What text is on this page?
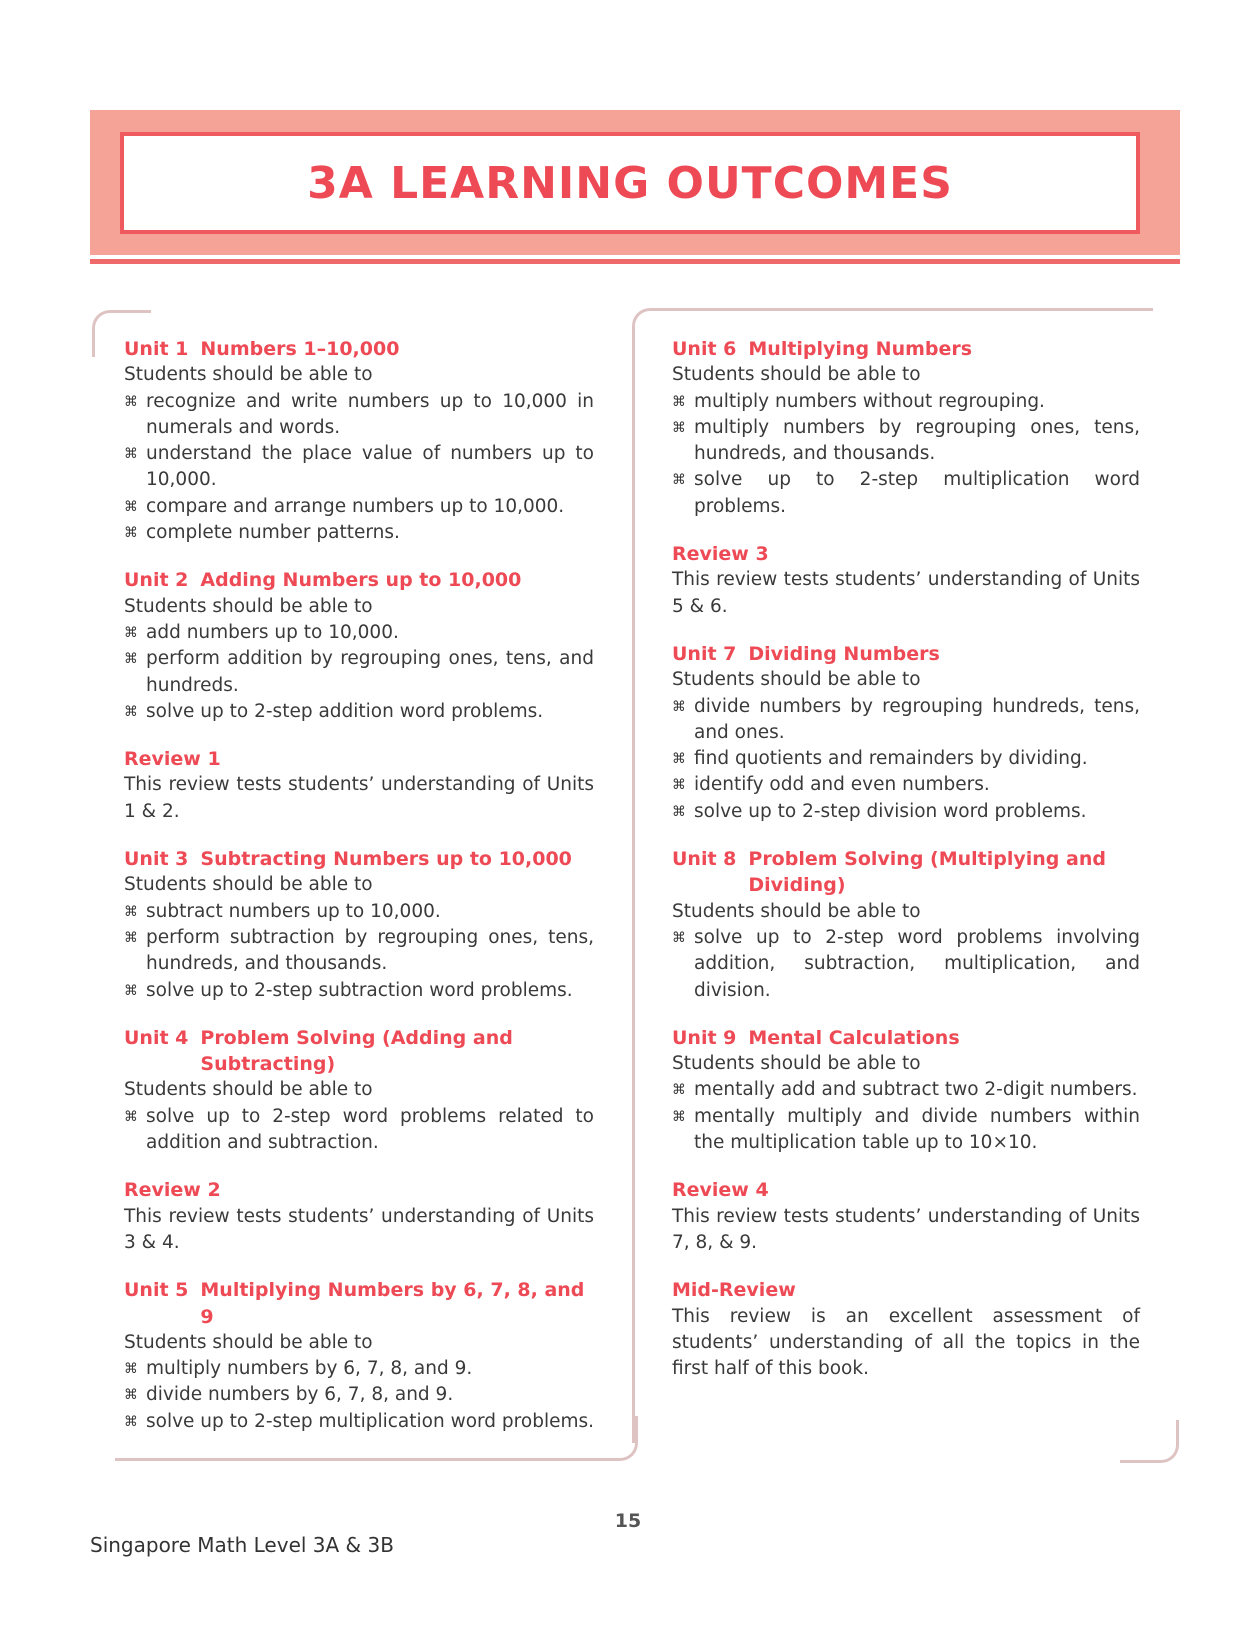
3A LEARNING OUTCOMES
Unit 1 Numbers 1–10,000
Students should be able to
⌘ recognize and write numbers up to 10,000 in numerals and words.
⌘ understand the place value of numbers up to 10,000.
⌘ compare and arrange numbers up to 10,000.
⌘ complete number patterns.
Unit 2 Adding Numbers up to 10,000
Students should be able to
⌘ add numbers up to 10,000.
⌘ perform addition by regrouping ones, tens, and hundreds.
⌘ solve up to 2-step addition word problems.
Review 1
This review tests students’ understanding of Units 1 & 2.
Unit 3 Subtracting Numbers up to 10,000
Students should be able to
⌘ subtract numbers up to 10,000.
⌘ perform subtraction by regrouping ones, tens, hundreds, and thousands.
⌘ solve up to 2-step subtraction word problems.
Unit 4 Problem Solving (Adding and Subtracting)
Students should be able to
⌘ solve up to 2-step word problems related to addition and subtraction.
Review 2
This review tests students’ understanding of Units 3 & 4.
Unit 5 Multiplying Numbers by 6, 7, 8, and 9
Students should be able to
⌘ multiply numbers by 6, 7, 8, and 9.
⌘ divide numbers by 6, 7, 8, and 9.
⌘ solve up to 2-step multiplication word problems.
Unit 6 Multiplying Numbers
Students should be able to
⌘ multiply numbers without regrouping.
⌘ multiply numbers by regrouping ones, tens, hundreds, and thousands.
⌘ solve up to 2-step multiplication word problems.
Review 3
This review tests students’ understanding of Units 5 & 6.
Unit 7 Dividing Numbers
Students should be able to
⌘ divide numbers by regrouping hundreds, tens, and ones.
⌘ find quotients and remainders by dividing.
⌘ identify odd and even numbers.
⌘ solve up to 2-step division word problems.
Unit 8 Problem Solving (Multiplying and Dividing)
Students should be able to
⌘ solve up to 2-step word problems involving addition, subtraction, multiplication, and division.
Unit 9 Mental Calculations
Students should be able to
⌘ mentally add and subtract two 2-digit numbers.
⌘ mentally multiply and divide numbers within the multiplication table up to 10×10.
Review 4
This review tests students’ understanding of Units 7, 8, & 9.
Mid-Review
This review is an excellent assessment of students’ understanding of all the topics in the first half of this book.
15
Singapore Math Level 3A & 3B
